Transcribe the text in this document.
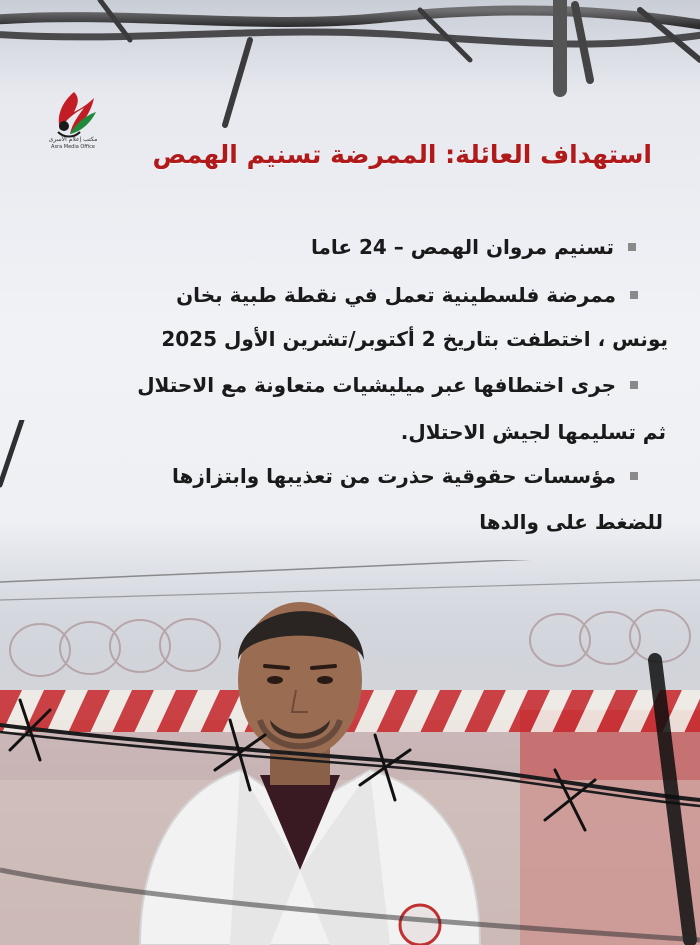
مكتب إعلام الأسرى
Asra Media Office	استهداف العائلة: الممرضة تسنيم الهمص
تسنيم مروان الهمص – 24 عاما
ممرضة فلسطينية تعمل في نقطة طبية بخان
يونس ، اختطفت بتاريخ 2 أكتوبر/تشرين الأول 2025
جرى اختطافها عبر ميليشيات متعاونة مع الاحتلال
ثم تسليمها لجيش الاحتلال.
مؤسسات حقوقية حذرت من تعذيبها وابتزازها
للضغط على والدها
